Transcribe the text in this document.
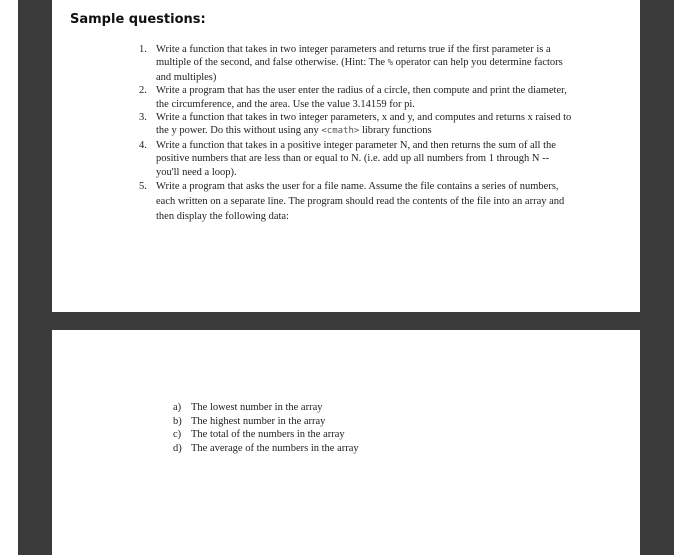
Sample questions:
1. Write a function that takes in two integer parameters and returns true if the first parameter is a multiple of the second, and false otherwise. (Hint: The % operator can help you determine factors and multiples)
2. Write a program that has the user enter the radius of a circle, then compute and print the diameter, the circumference, and the area. Use the value 3.14159 for pi.
3. Write a function that takes in two integer parameters, x and y, and computes and returns x raised to the y power. Do this without using any <cmath> library functions
4. Write a function that takes in a positive integer parameter N, and then returns the sum of all the positive numbers that are less than or equal to N. (i.e. add up all numbers from 1 through N -- you'll need a loop).
5. Write a program that asks the user for a file name. Assume the file contains a series of numbers, each written on a separate line. The program should read the contents of the file into an array and then display the following data:
a) The lowest number in the array
b) The highest number in the array
c) The total of the numbers in the array
d) The average of the numbers in the array
